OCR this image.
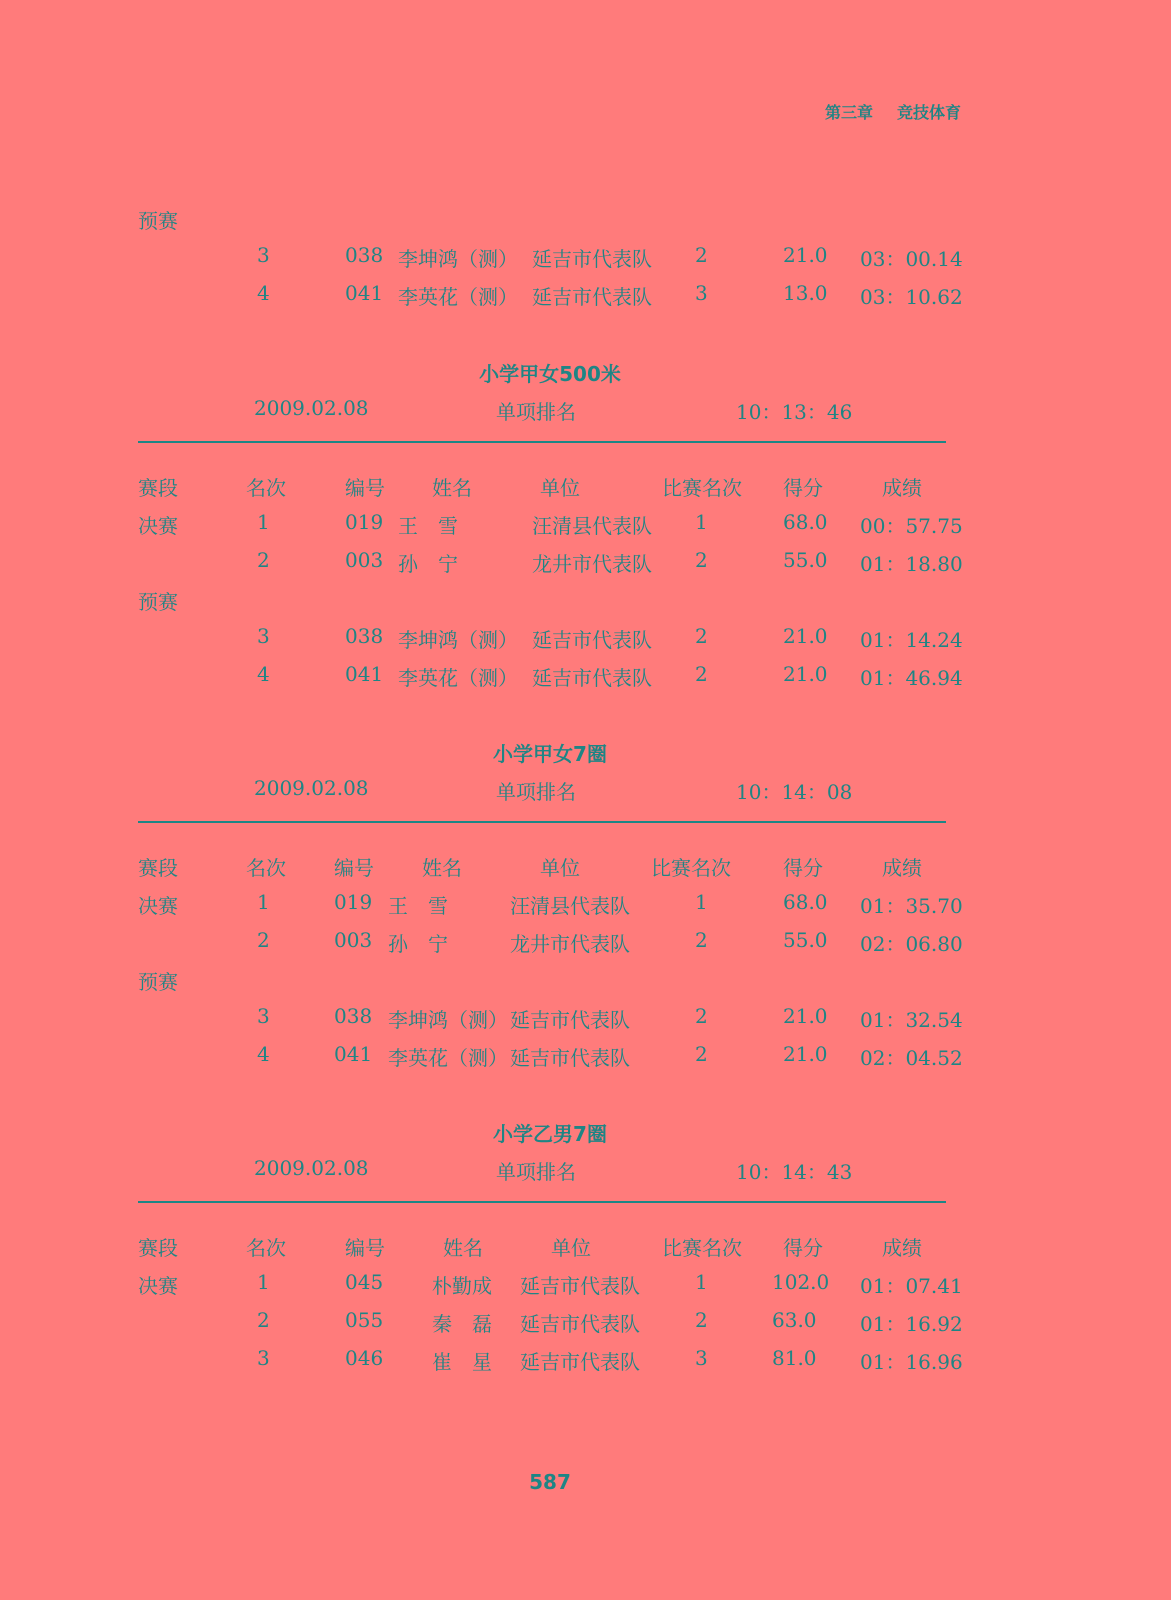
第三章 竞技体育
预赛
3	038 李坤鸿（测） 延吉市代表队 2	21.0 03：00.14
4	041 李英花（测） 延吉市代表队 3	13.0 03：10.62
小学甲女500米
2009.02.08	单项排名	10：13：46
赛段	名次	编号 姓名	单位	比赛名次 得分	成绩
决赛	1	019 王　雪	汪清县代表队 1	68.0 00：57.75
2	003 孙　宁	龙井市代表队 2	55.0 01：18.80
预赛
3	038 李坤鸿（测） 延吉市代表队 2	21.0 01：14.24
4	041 李英花（测） 延吉市代表队 2	21.0 01：46.94
小学甲女7圈
2009.02.08	单项排名	10：14：08
赛段	名次 编号 姓名	单位	比赛名次	得分	成绩
决赛	1	019 王　雪	汪清县代表队	1	68.0 01：35.70
2	003 孙　宁	龙井市代表队	2	55.0 02：06.80
预赛
3	038 李坤鸿（测） 延吉市代表队	2	21.0 01：32.54
4	041 李英花（测） 延吉市代表队	2	21.0 02：04.52
小学乙男7圈
2009.02.08	单项排名	10：14：43
赛段	名次	编号	姓名	单位	比赛名次 得分	成绩
决赛	1	045 朴勤成 延吉市代表队	1	102.0 01：07.41
2	055 秦　磊 延吉市代表队	2	63.0 01：16.92
3	046 崔　星 延吉市代表队	3	81.0 01：16.96
587
